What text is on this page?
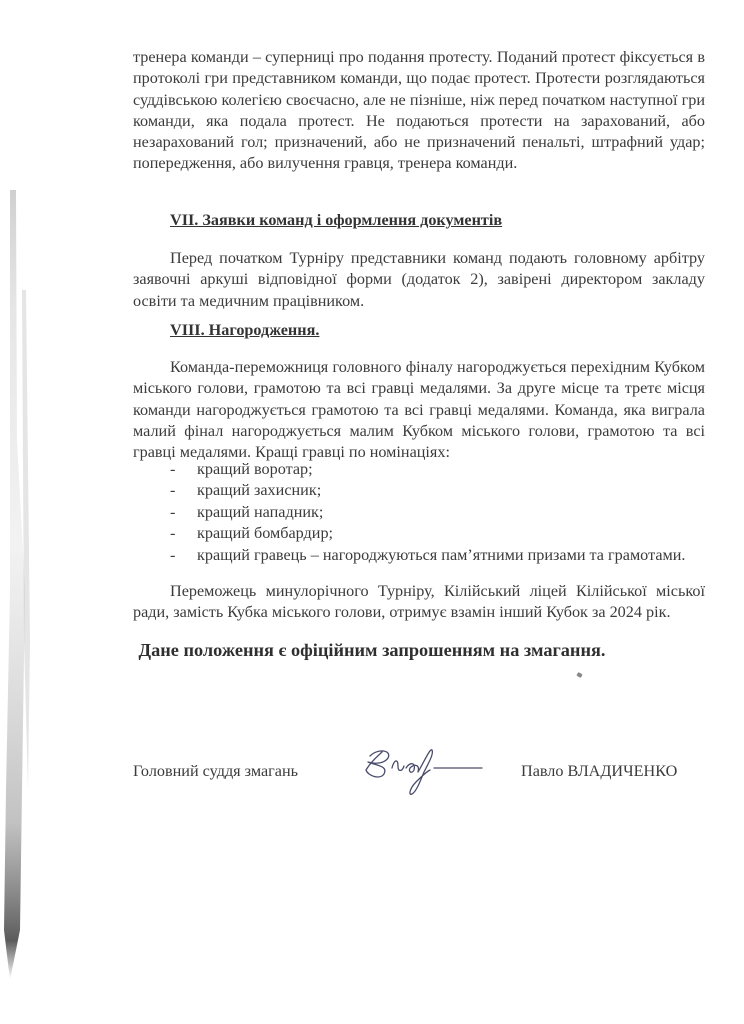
тренера команди – суперниці про подання протесту. Поданий протест фіксується в протоколі гри представником команди, що подає протест. Протести розглядаються суддівською колегією своєчасно, але не пізніше, ніж перед початком наступної гри команди, яка подала протест. Не подаються протести на зарахований, або незарахований гол; призначений, або не призначений пенальті, штрафний удар; попередження, або вилучення гравця, тренера команди.

VII. Заявки команд і оформлення документів

Перед початком Турніру представники команд подають головному арбітру заявочні аркуші відповідної форми (додаток 2), завірені директором закладу освіти та медичним працівником.

VIII. Нагородження.

Команда-переможниця головного фіналу нагороджується перехідним Кубком міського голови, грамотою та всі гравці медалями. За друге місце та третє місця команди нагороджується грамотою та всі гравці медалями. Команда, яка виграла малий фінал нагороджується малим Кубком міського голови, грамотою та всі гравці медалями. Кращі гравці по номінаціях:

-	кращий воротар;
-	кращий захисник;
-	кращий нападник;
-	кращий бомбардир;
-	кращий гравець – нагороджуються пам’ятними призами та грамотами.

Переможець минулорічного Турніру, Кілійський ліцей Кілійської міської ради, замість Кубка міського голови, отримує взамін інший Кубок за 2024 рік.

Дане положення є офіційним запрошенням на змагання.
Головний суддя змагань	Павло ВЛАДИЧЕНКО
